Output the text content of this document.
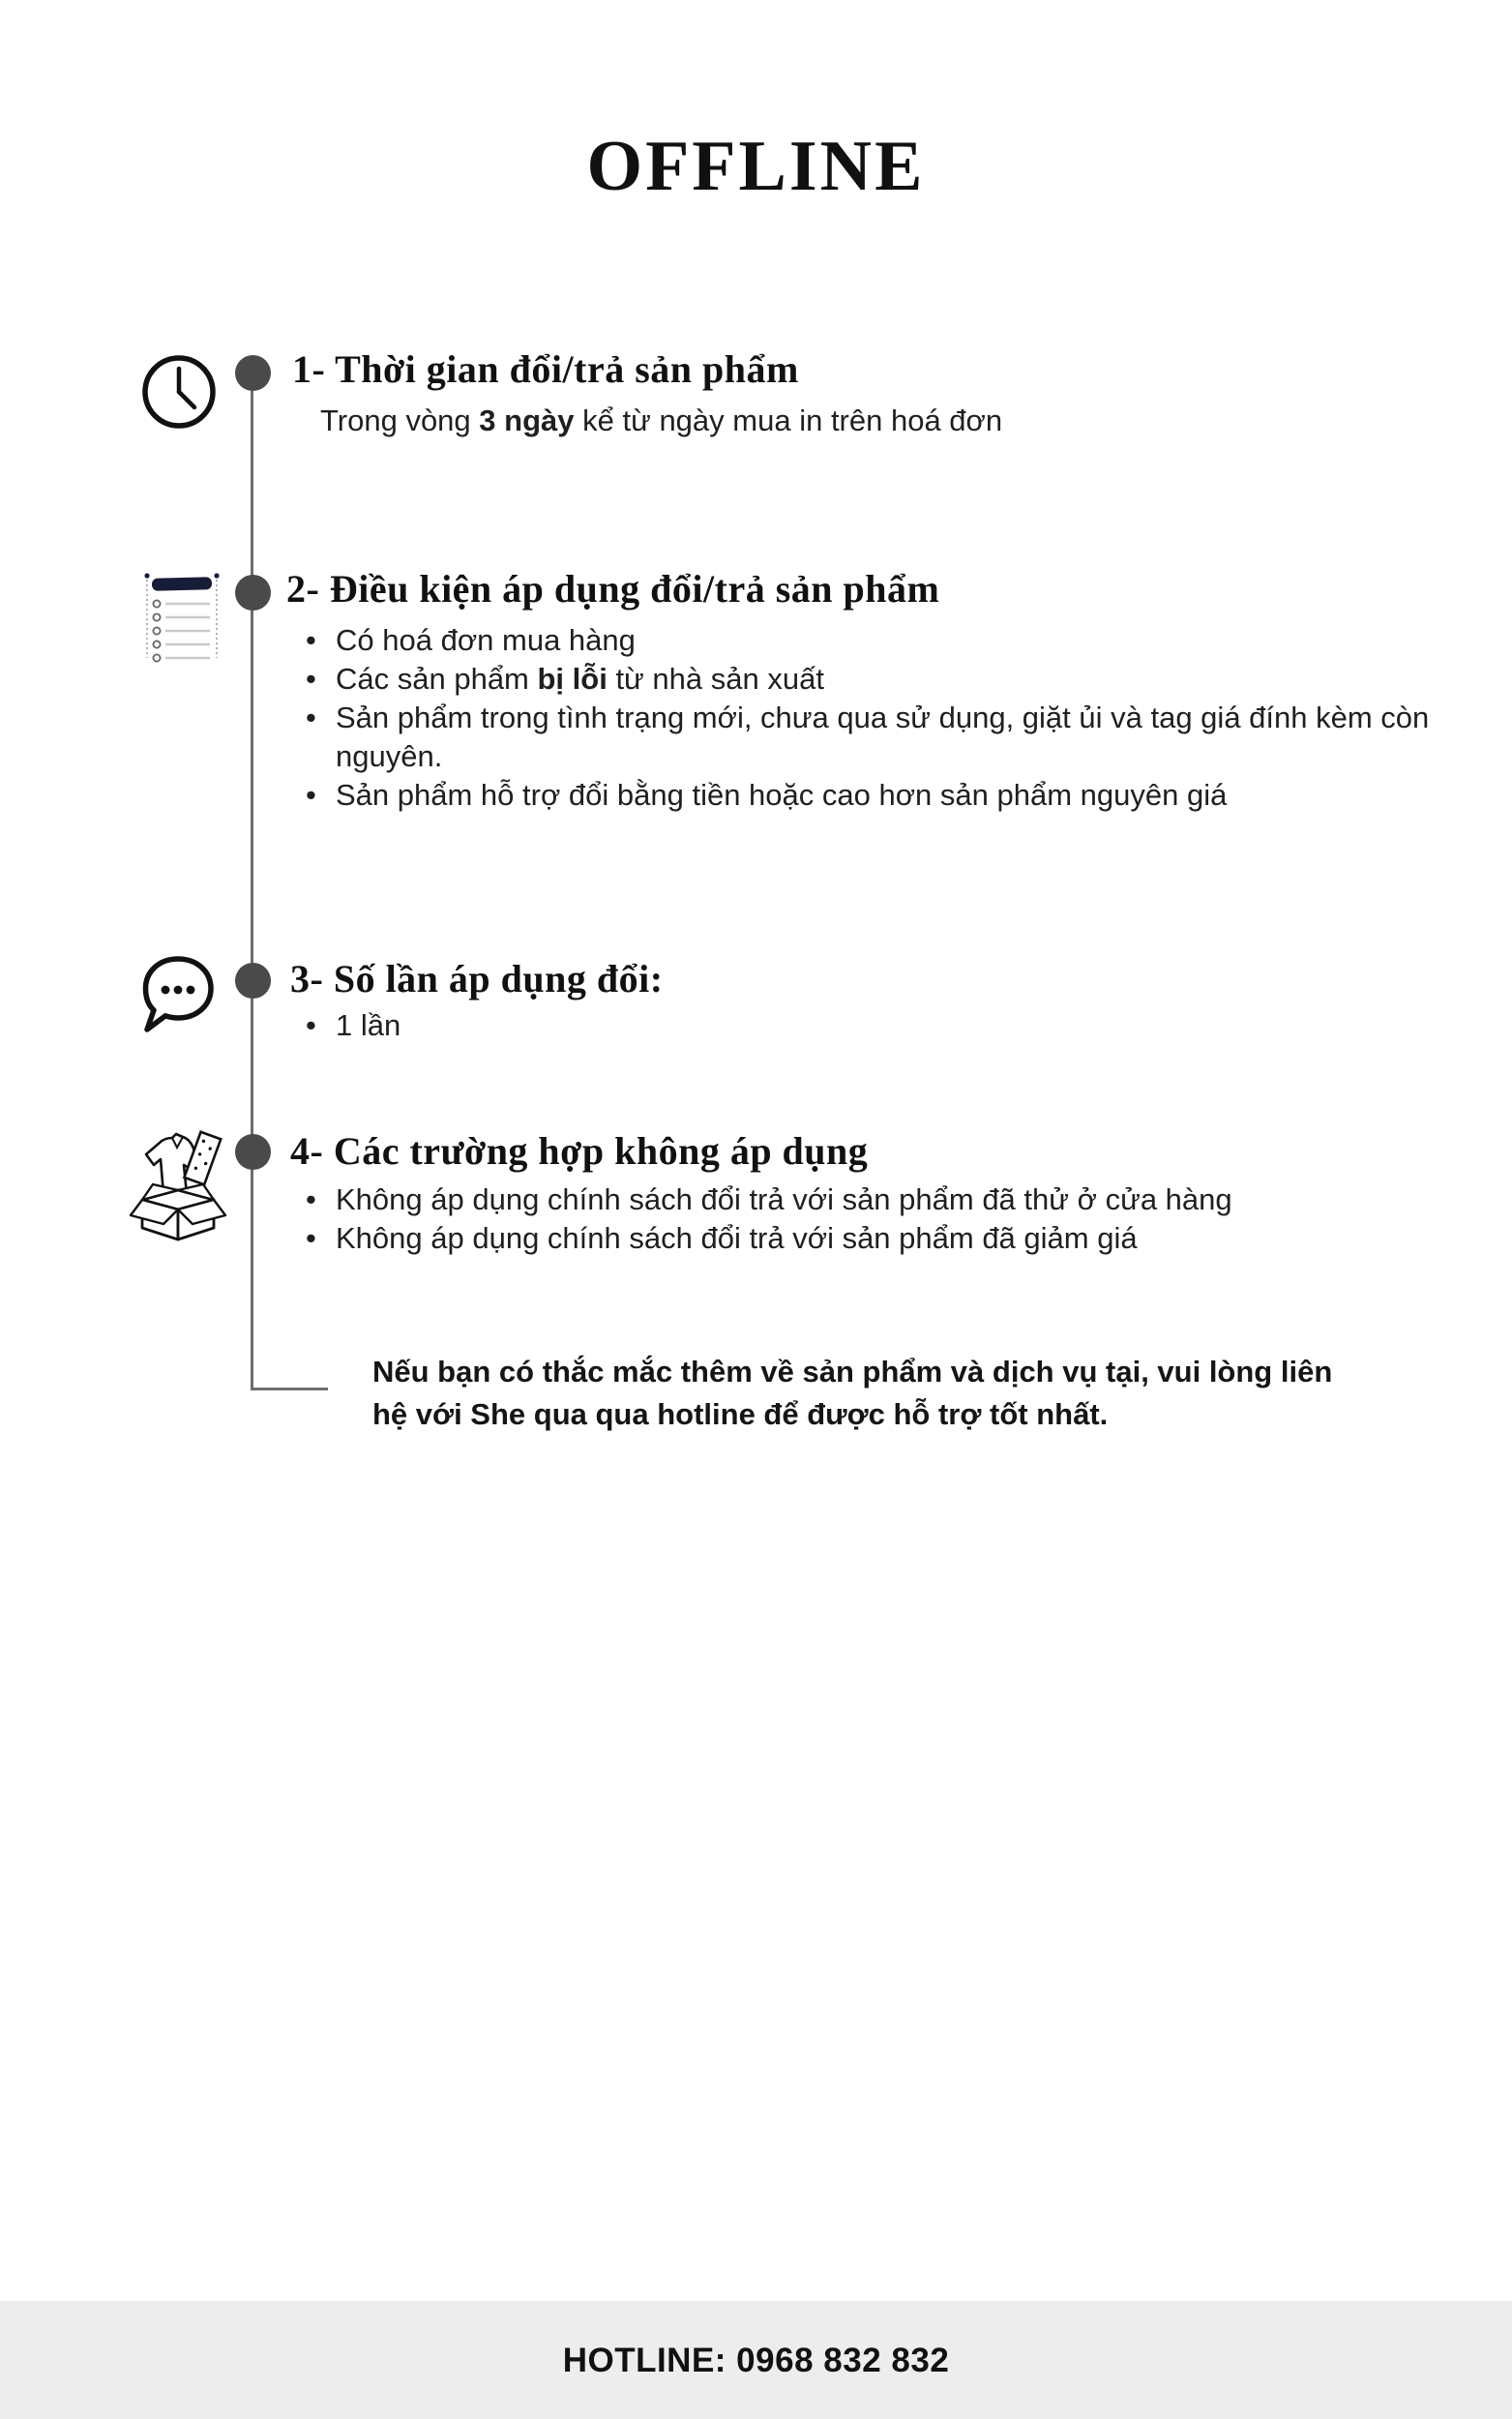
OFFLINE
1- Thời gian đổi/trả sản phẩm
Trong vòng 3 ngày kể từ ngày mua in trên hoá đơn
2- Điều kiện áp dụng đổi/trả sản phẩm
• Có hoá đơn mua hàng
• Các sản phẩm bị lỗi từ nhà sản xuất
• Sản phẩm trong tình trạng mới, chưa qua sử dụng, giặt ủi và tag giá đính kèm còn nguyên.
• Sản phẩm hỗ trợ đổi bằng tiền hoặc cao hơn sản phẩm nguyên giá
3- Số lần áp dụng đổi:
• 1 lần
4- Các trường hợp không áp dụng
• Không áp dụng chính sách đổi trả với sản phẩm đã thử ở cửa hàng
• Không áp dụng chính sách đổi trả với sản phẩm đã giảm giá
Nếu bạn có thắc mắc thêm về sản phẩm và dịch vụ tại, vui lòng liên
hệ với She qua qua hotline để được hỗ trợ tốt nhất.
HOTLINE: 0968 832 832
